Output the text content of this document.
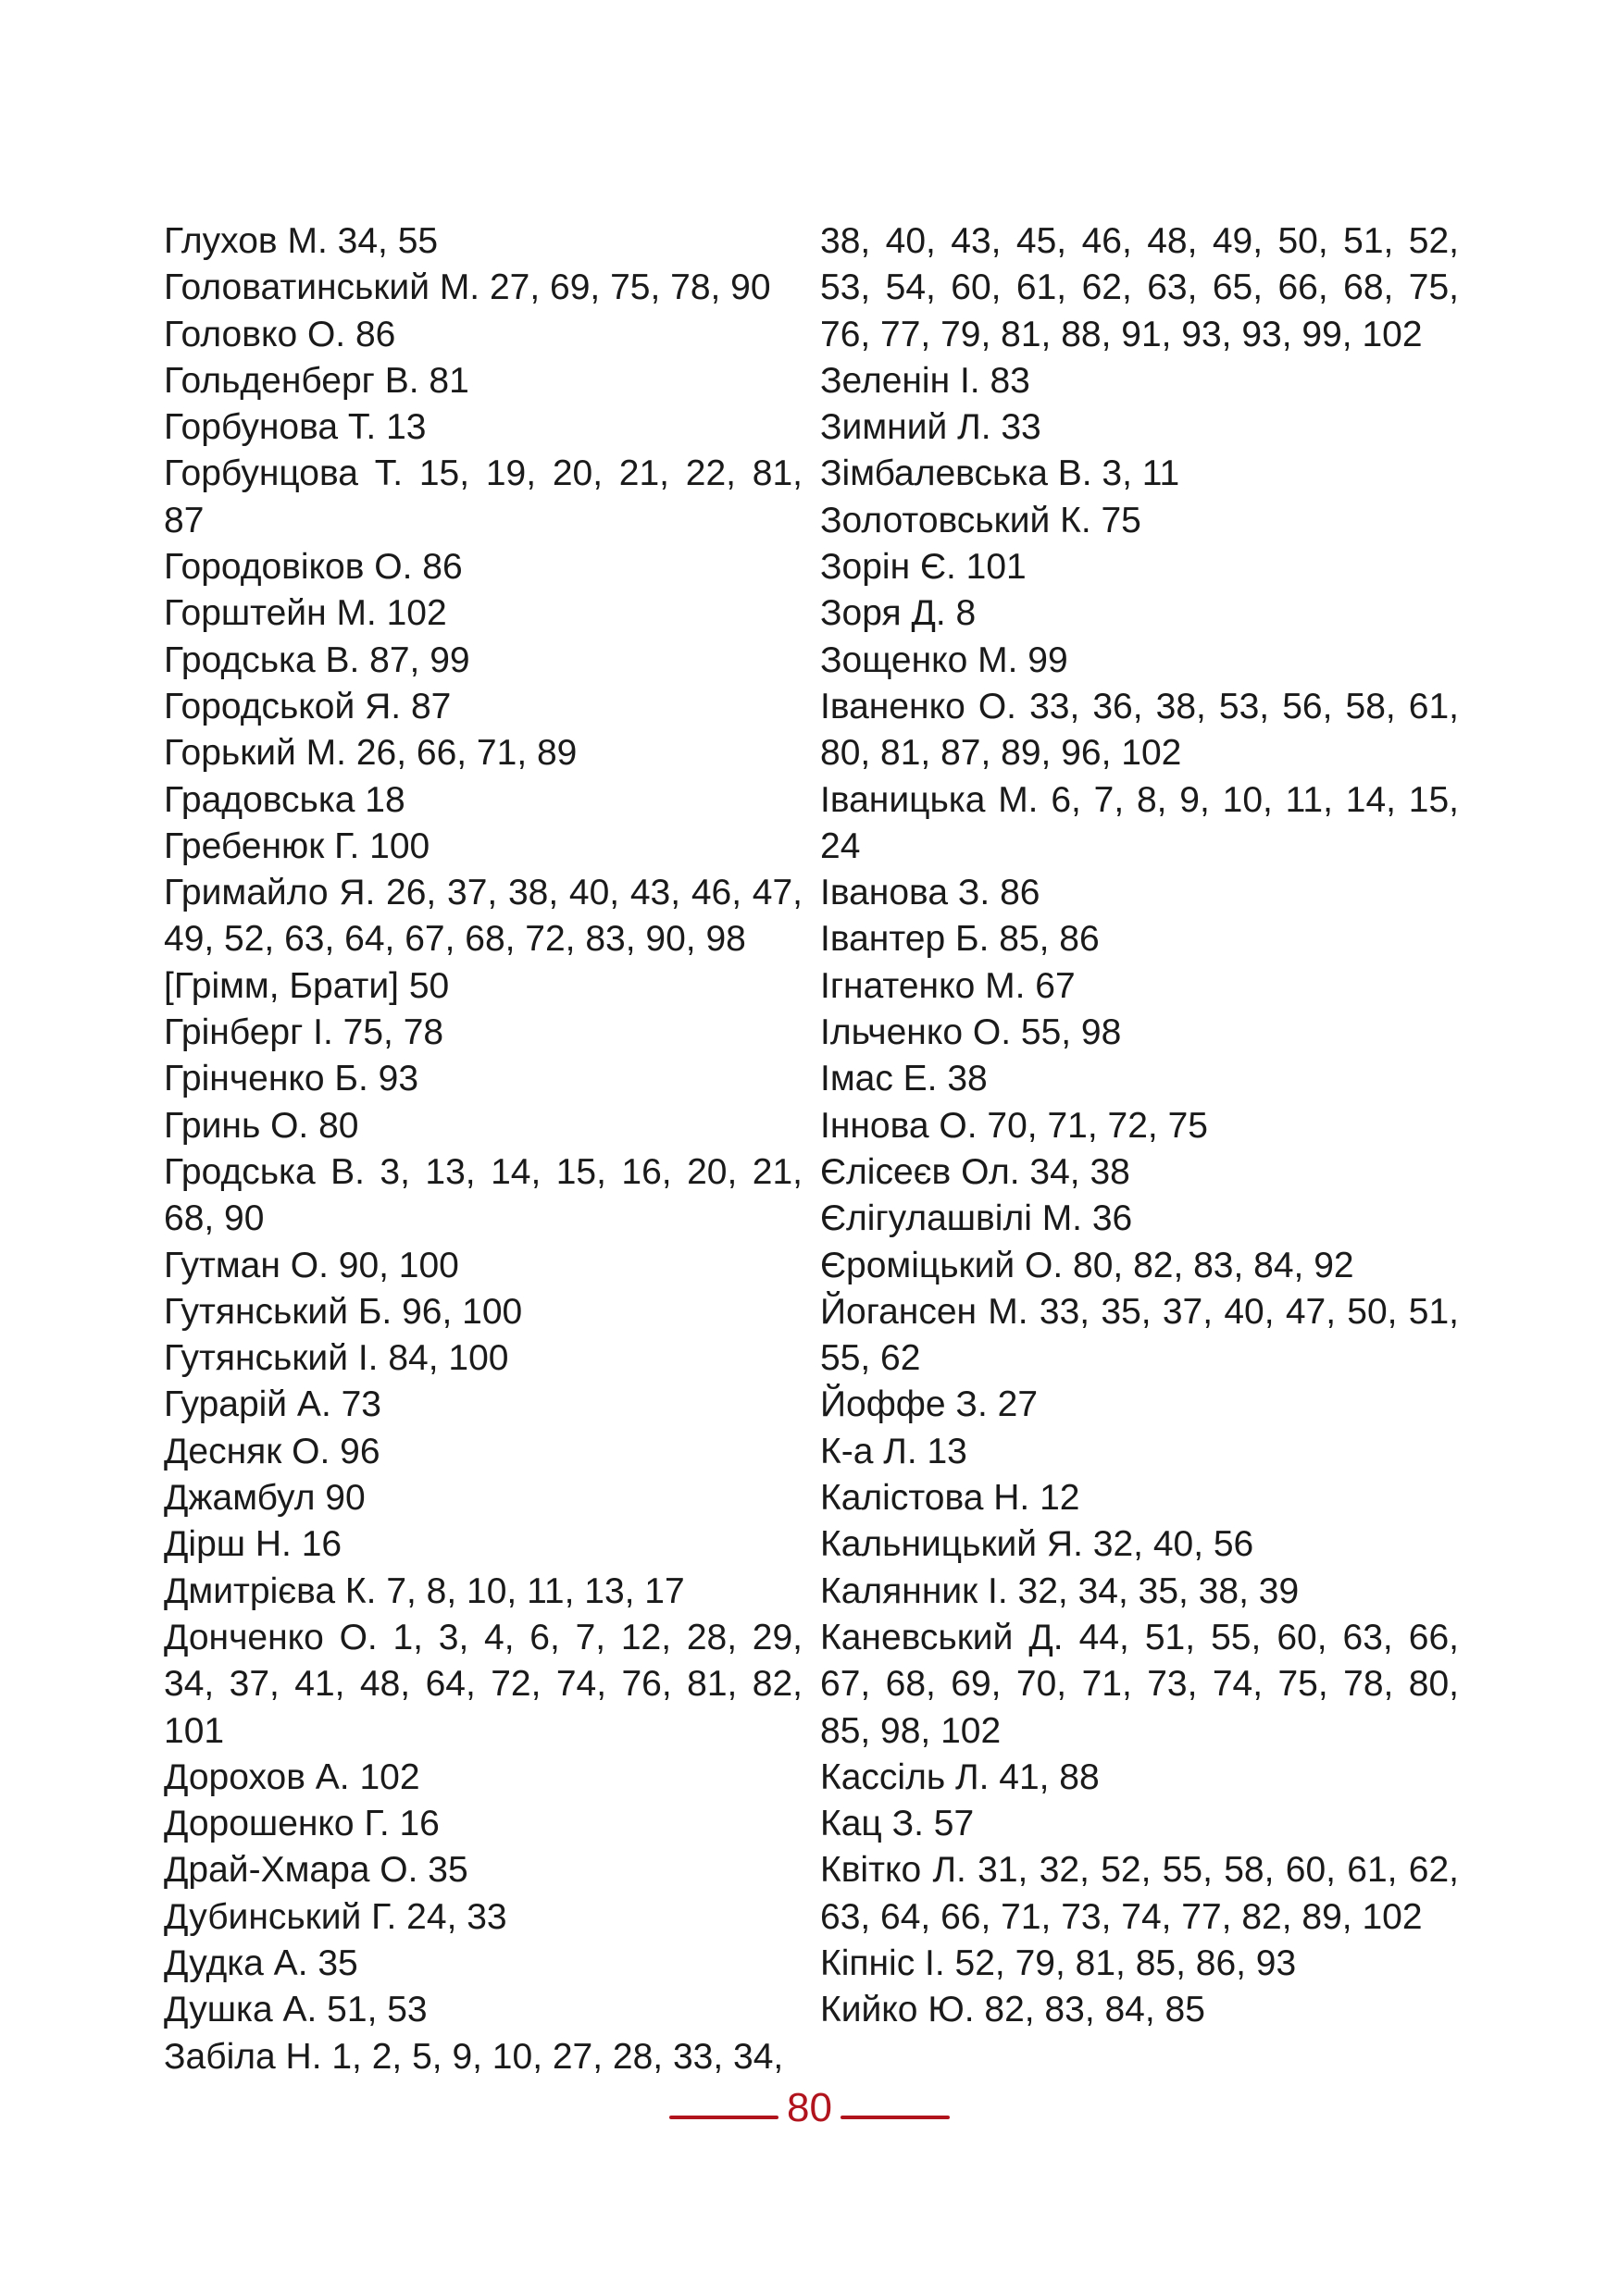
Глухов М. 34, 55
Головатинський М. 27, 69, 75, 78, 90
Головко О. 86
Гольденберг В. 81
Горбунова Т. 13
Горбунцова Т. 15, 19, 20, 21, 22, 81, 87
Городовіков О. 86
Горштейн М. 102
Гродська В. 87, 99
Городськой Я. 87
Горький М. 26, 66, 71, 89
Градовська 18
Гребенюк Г. 100
Гримайло Я. 26, 37, 38, 40, 43, 46, 47, 49, 52, 63, 64, 67, 68, 72, 83, 90, 98
[Грімм, Брати] 50
Грінберг І. 75, 78
Грінченко Б. 93
Гринь О. 80
Гродська В. 3, 13, 14, 15, 16, 20, 21, 68, 90
Гутман О. 90, 100
Гутянський Б. 96, 100
Гутянський І. 84, 100
Гурарій А. 73
Десняк О. 96
Джамбул 90
Дірш Н. 16
Дмитрієва К. 7, 8, 10, 11, 13, 17
Донченко О. 1, 3, 4, 6, 7, 12, 28, 29, 34, 37, 41, 48, 64, 72, 74, 76, 81, 82, 101
Дорохов А. 102
Дорошенко Г. 16
Драй-Хмара О. 35
Дубинський Г. 24, 33
Дудка А. 35
Душка А. 51, 53
Забіла Н. 1, 2, 5, 9, 10, 27, 28, 33, 34,
38, 40, 43, 45, 46, 48, 49, 50, 51, 52, 53, 54, 60, 61, 62, 63, 65, 66, 68, 75, 76, 77, 79, 81, 88, 91, 93, 93, 99, 102
Зеленін І. 83
Зимний Л. 33
Зімбалевська В. 3, 11
Золотовський К. 75
Зорін Є. 101
Зоря Д. 8
Зощенко М. 99
Іваненко О. 33, 36, 38, 53, 56, 58, 61, 80, 81, 87, 89, 96, 102
Іваницька М. 6, 7, 8, 9, 10, 11, 14, 15, 24
Іванова З. 86
Івантер Б. 85, 86
Ігнатенко М. 67
Ільченко О. 55, 98
Імас Е. 38
Іннова О. 70, 71, 72, 75
Єлісеєв Ол. 34, 38
Єлігулашвілі М. 36
Єроміцький О. 80, 82, 83, 84, 92
Йогансен М. 33, 35, 37, 40, 47, 50, 51, 55, 62
Йоффе З. 27
К-а Л. 13
Калістова Н. 12
Кальницький Я. 32, 40, 56
Калянник І. 32, 34, 35, 38, 39
Каневський Д. 44, 51, 55, 60, 63, 66, 67, 68, 69, 70, 71, 73, 74, 75, 78, 80, 85, 98, 102
Кассіль Л. 41, 88
Кац З. 57
Квітко Л. 31, 32, 52, 55, 58, 60, 61, 62, 63, 64, 66, 71, 73, 74, 77, 82, 89, 102
Кіпніс І. 52, 79, 81, 85, 86, 93
Кийко Ю. 82, 83, 84, 85
80
